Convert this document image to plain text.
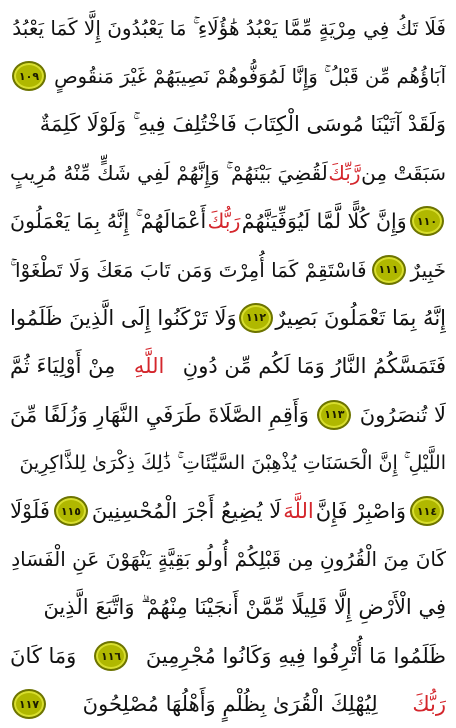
فَلَا تَكُ فِي مِرْيَةٍ مِّمَّا يَعْبُدُ هَٰؤُلَاءِ ۚ مَا يَعْبُدُونَ إِلَّا كَمَا يَعْبُدُ
آبَاؤُهُم مِّن قَبْلُ ۚ وَإِنَّا لَمُوَفُّوهُمْ نَصِيبَهُمْ غَيْرَ مَنقُوصٍ
١٠٩
وَلَقَدْ آتَيْنَا مُوسَى الْكِتَابَ فَاخْتُلِفَ فِيهِ ۚ وَلَوْلَا كَلِمَةٌ
سَبَقَتْ مِن
رَّبِّكَ
لَقُضِيَ بَيْنَهُمْ ۚ وَإِنَّهُمْ لَفِي شَكٍّ مِّنْهُ مُرِيبٍ
١١٠
وَإِنَّ كُلًّا لَّمَّا لَيُوَفِّيَنَّهُمْ
رَبُّكَ
أَعْمَالَهُمْ ۚ إِنَّهُ بِمَا يَعْمَلُونَ
خَبِيرٌ
١١١
فَاسْتَقِمْ كَمَا أُمِرْتَ وَمَن تَابَ مَعَكَ وَلَا تَطْغَوْا ۚ
إِنَّهُ بِمَا تَعْمَلُونَ بَصِيرٌ
١١٢
وَلَا تَرْكَنُوا إِلَى الَّذِينَ ظَلَمُوا
فَتَمَسَّكُمُ النَّارُ وَمَا لَكُم مِّن دُونِ
اللَّهِ
مِنْ أَوْلِيَاءَ ثُمَّ
لَا تُنصَرُونَ
١١٣
وَأَقِمِ الصَّلَاةَ طَرَفَيِ النَّهَارِ وَزُلَفًا مِّنَ
اللَّيْلِ ۚ إِنَّ الْحَسَنَاتِ يُذْهِبْنَ السَّيِّئَاتِ ۚ ذَٰلِكَ ذِكْرَىٰ لِلذَّاكِرِينَ
١١٤
وَاصْبِرْ فَإِنَّ
اللَّهَ
لَا يُضِيعُ أَجْرَ الْمُحْسِنِينَ
١١٥
فَلَوْلَا
كَانَ مِنَ الْقُرُونِ مِن قَبْلِكُمْ أُولُو بَقِيَّةٍ يَنْهَوْنَ عَنِ الْفَسَادِ
فِي الْأَرْضِ إِلَّا قَلِيلًا مِّمَّنْ أَنجَيْنَا مِنْهُمْ ۗ وَاتَّبَعَ الَّذِينَ
ظَلَمُوا مَا أُتْرِفُوا فِيهِ وَكَانُوا مُجْرِمِينَ
١١٦
وَمَا كَانَ
رَبُّكَ
لِيُهْلِكَ الْقُرَىٰ بِظُلْمٍ وَأَهْلُهَا مُصْلِحُونَ
١١٧
